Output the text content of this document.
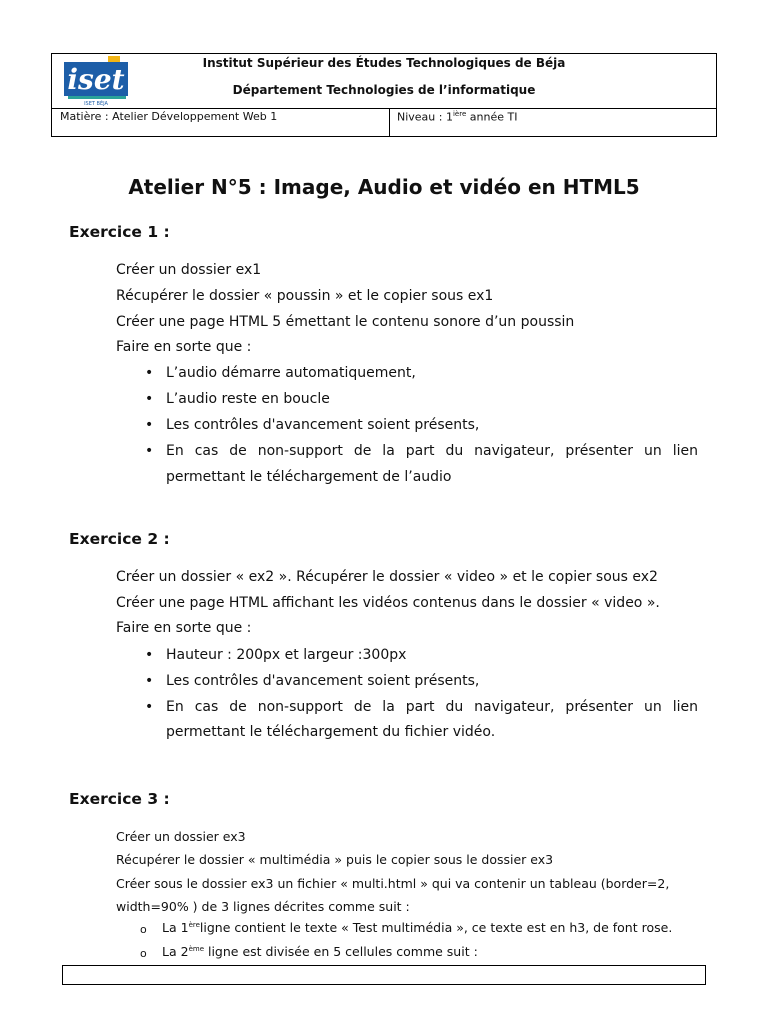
iset
ISET BÉJA
Institut Supérieur des Études Technologiques de Béja
Département Technologies de l’informatique
Matière : Atelier Développement Web 1	Niveau : $1^{ière}$ année TI
Atelier N°5 : Image, Audio et vidéo en HTML5
Exercice 1 :
Créer un dossier ex1
Récupérer le dossier « poussin » et le copier sous ex1
Créer une page HTML 5 émettant le contenu sonore d’un poussin
Faire en sorte que :
• L’audio démarre automatiquement,
• L’audio reste en boucle
• Les contrôles d'avancement soient présents,
• En cas de non-support de la part du navigateur, présenter un lien
permettant le téléchargement de l’audio
Exercice 2 :
Créer un dossier « ex2 ». Récupérer le dossier « video » et le copier sous ex2
Créer une page HTML affichant les vidéos contenus dans le dossier « video ».
Faire en sorte que :
• Hauteur : 200px et largeur :300px
• Les contrôles d'avancement soient présents,
• En cas de non-support de la part du navigateur, présenter un lien
permettant le téléchargement du fichier vidéo.
Exercice 3 :
Créer un dossier ex3
Récupérer le dossier « multimédia » puis le copier sous le dossier ex3
Créer sous le dossier ex3 un fichier « multi.html » qui va contenir un tableau (border=2,
width=90% ) de 3 lignes décrites comme suit :
o La 1èreligne contient le texte « Test multimédia », ce texte est en h3, de font rose.
o La 2ème ligne est divisée en 5 cellules comme suit :
